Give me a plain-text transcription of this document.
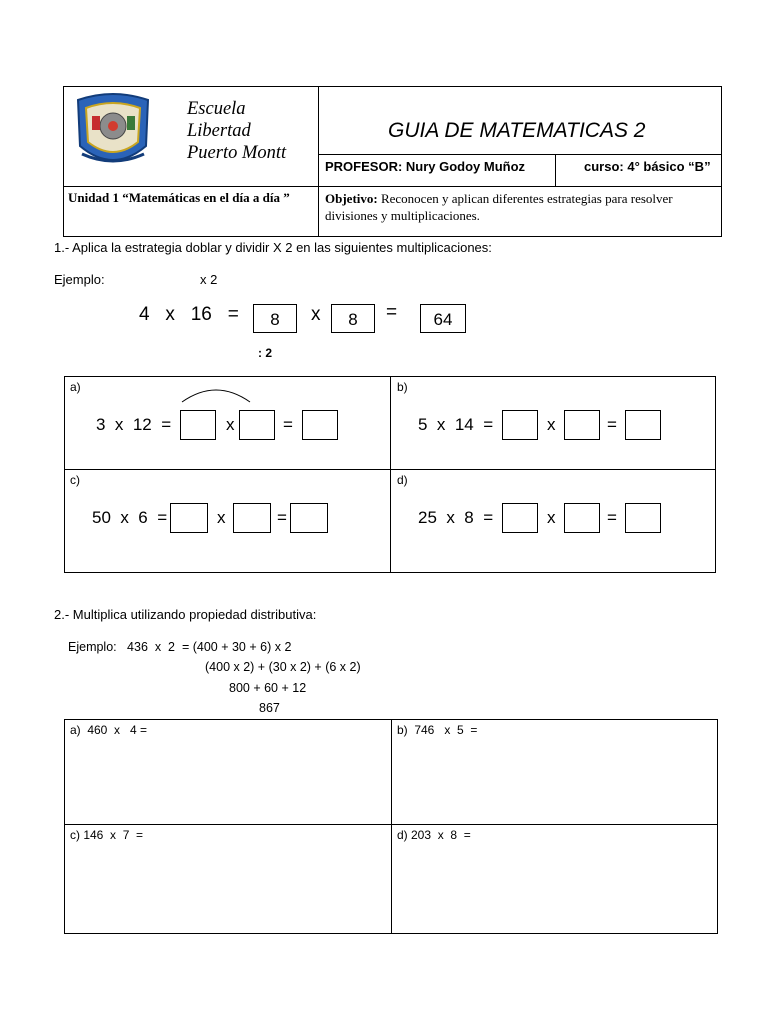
Escuela
Libertad
Puerto Montt
GUIA DE MATEMATICAS 2
PROFESOR: Nury Godoy Muñoz	curso: 4° básico “B”
Unidad 1 “Matemáticas en el día a día ”	Objetivo: Reconocen y aplican diferentes estrategias para resolver divisiones y multiplicaciones.
1.- Aplica la estrategia doblar y dividir X 2 en las siguientes multiplicaciones:
Ejemplo:	x 2
: 2
4   x   16   =	8	x	8	=	64
a)
3  x  12  =	x	=
b)
5  x  14  =	x	=
c)
50  x  6  =	x	=
d)
25  x  8  =	x	=
2.- Multiplica utilizando propiedad distributiva:
Ejemplo:   436  x  2  = (400 + 30 + 6) x 2
(400 x 2) + (30 x 2) + (6 x 2)
800 + 60 + 12
867
a)  460  x   4 =	b)  746   x  5  =
c) 146  x  7  =	d) 203  x  8  =
